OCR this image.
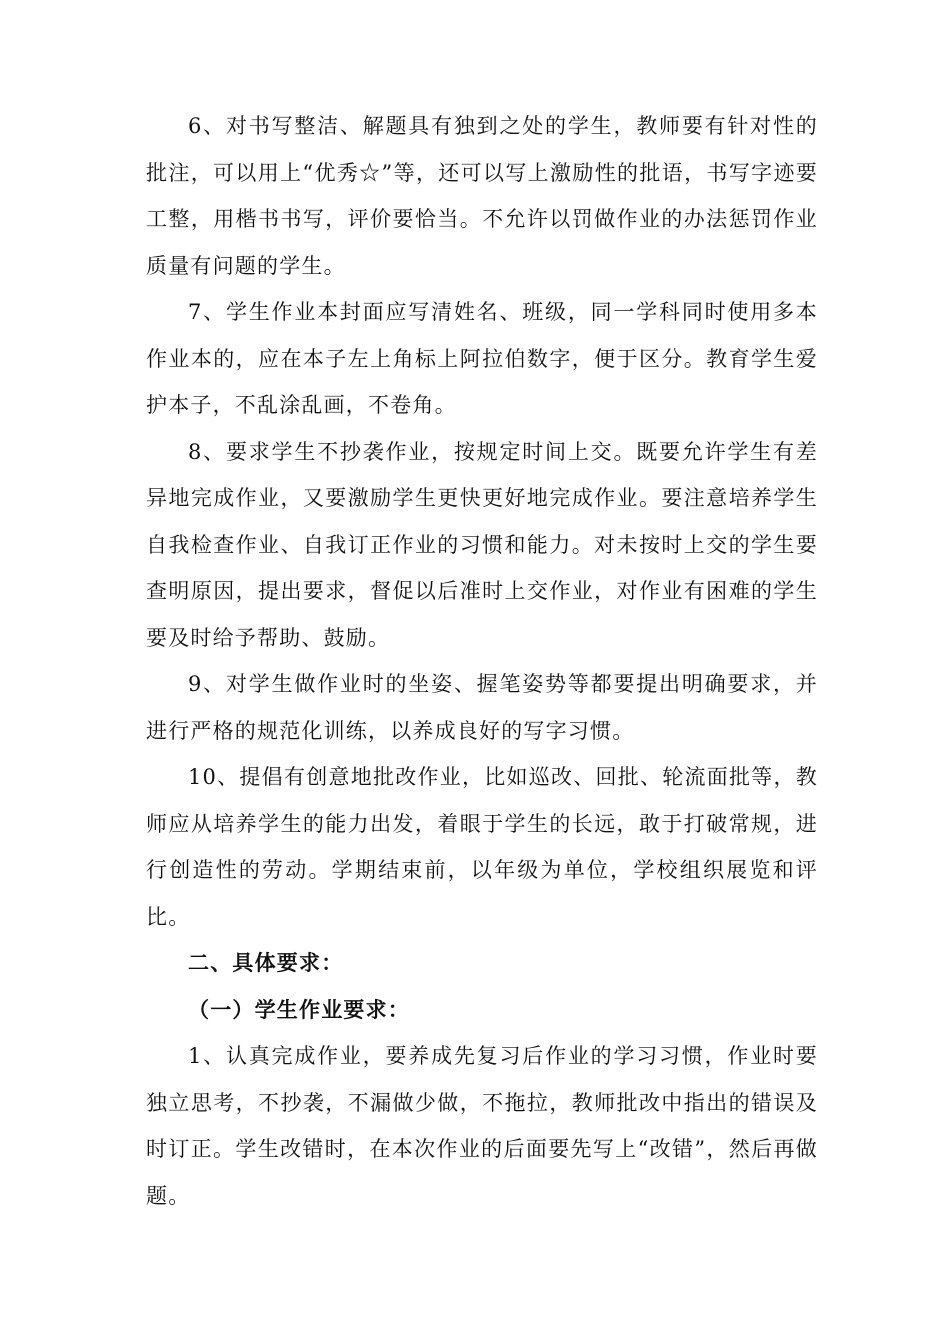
6、对书写整洁、解题具有独到之处的学生，教师要有针对性的批注，可以用上“优秀☆”等，还可以写上激励性的批语，书写字迹要工整，用楷书书写，评价要恰当。不允许以罚做作业的办法惩罚作业质量有问题的学生。

7、学生作业本封面应写清姓名、班级，同一学科同时使用多本作业本的，应在本子左上角标上阿拉伯数字，便于区分。教育学生爱护本子，不乱涂乱画，不卷角。

8、要求学生不抄袭作业，按规定时间上交。既要允许学生有差异地完成作业，又要激励学生更快更好地完成作业。要注意培养学生自我检查作业、自我订正作业的习惯和能力。对未按时上交的学生要查明原因，提出要求，督促以后准时上交作业，对作业有困难的学生要及时给予帮助、鼓励。

9、对学生做作业时的坐姿、握笔姿势等都要提出明确要求，并进行严格的规范化训练，以养成良好的写字习惯。

10、提倡有创意地批改作业，比如巡改、回批、轮流面批等，教师应从培养学生的能力出发，着眼于学生的长远，敢于打破常规，进行创造性的劳动。学期结束前，以年级为单位，学校组织展览和评比。

二、具体要求：

（一）学生作业要求：

1、认真完成作业，要养成先复习后作业的学习习惯，作业时要独立思考，不抄袭，不漏做少做，不拖拉，教师批改中指出的错误及时订正。学生改错时，在本次作业的后面要先写上“改错”，然后再做题。
